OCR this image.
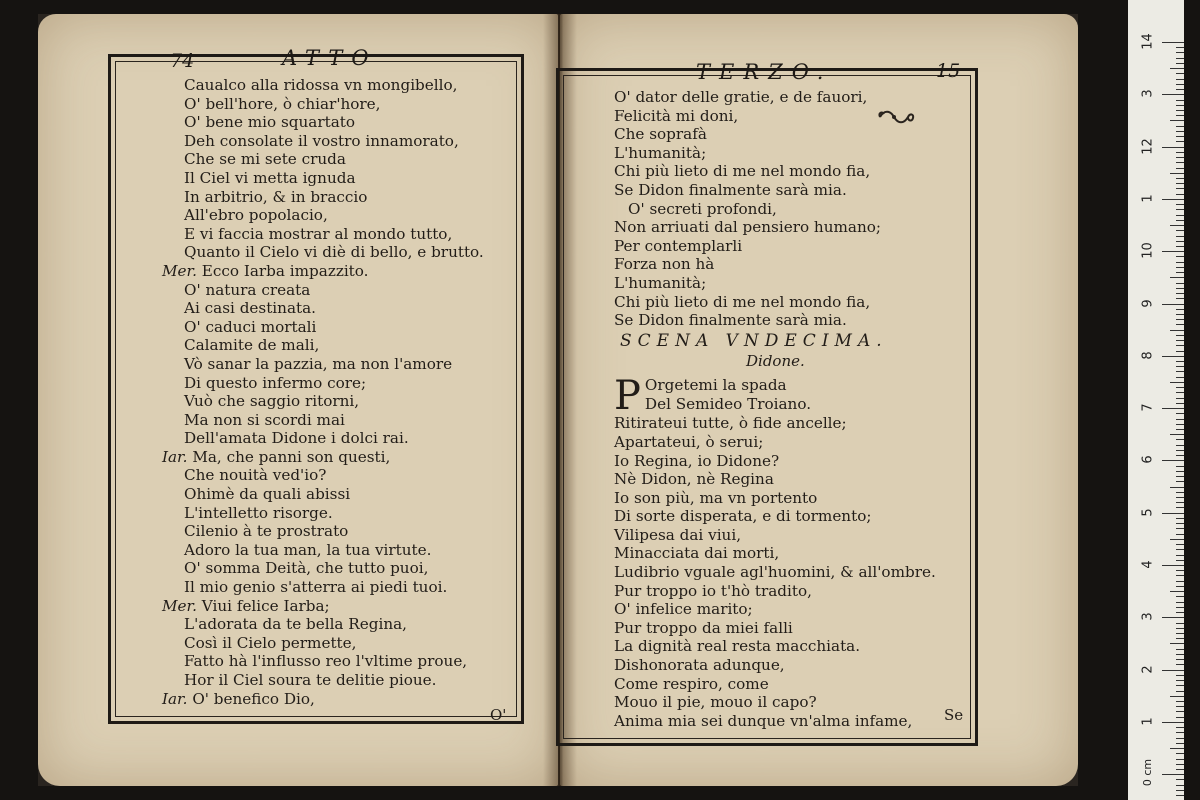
74	ATTO
Caualco alla ridossa vn mongibello,
O' bell'hore, ò chiar'hore,
O' bene mio squartato
Deh consolate il vostro innamorato,
Che se mi sete cruda
Il Ciel vi metta ignuda
In arbitrio, & in braccio
All'ebro popolacio,
E vi faccia mostrar al mondo tutto,
Quanto il Cielo vi diè di bello, e brutto.
Mer. Ecco Iarba impazzito.
O' natura creata
Ai casi destinata.
O' caduci mortali
Calamite de mali,
Vò sanar la pazzia, ma non l'amore
Di questo infermo core;
Vuò che saggio ritorni,
Ma non si scordi mai
Dell'amata Didone i dolci rai.
Iar. Ma, che panni son questi,
Che nouità ved'io?
Ohimè da quali abissi
L'intelletto risorge.
Cilenio à te prostrato
Adoro la tua man, la tua virtute.
O' somma Deità, che tutto puoi,
Il mio genio s'atterra ai piedi tuoi.
Mer. Viui felice Iarba;
L'adorata da te bella Regina,
Così il Cielo permette,
Fatto hà l'influsso reo l'vltime proue,
Hor il Ciel soura te delitie pioue.
Iar. O' benefico Dio,
O'
TERZO.	15
O' dator delle gratie, e de fauori,
Felicità mi doni,
Che soprafà
L'humanità;
Chi più lieto di me nel mondo fia,
Se Didon finalmente sarà mia.
O' secreti profondi,
Non arriuati dal pensiero humano;
Per contemplarli
Forza non hà
L'humanità;
Chi più lieto di me nel mondo fia,
Se Didon finalmente sarà mia.
SCENA VNDECIMA.
Didone.
P Orgetemi la spada
Del Semideo Troiano.
Ritirateui tutte, ò fide ancelle;
Apartateui, ò serui;
Io Regina, io Didone?
Nè Didon, nè Regina
Io son più, ma vn portento
Di sorte disperata, e di tormento;
Vilipesa dai viui,
Minacciata dai morti,
Ludibrio vguale agl'huomini, & all'ombre.
Pur troppo io t'hò tradito,
O' infelice marito;
Pur troppo da miei falli
La dignità real resta macchiata.
Dishonorata adunque,
Come respiro, come
Mouo il pie, mouo il capo?
Anima mia sei dunque vn'alma infame,	Se
0 cm
14
3
12
1
10
9
8
7
6
5
4
3
2
1
